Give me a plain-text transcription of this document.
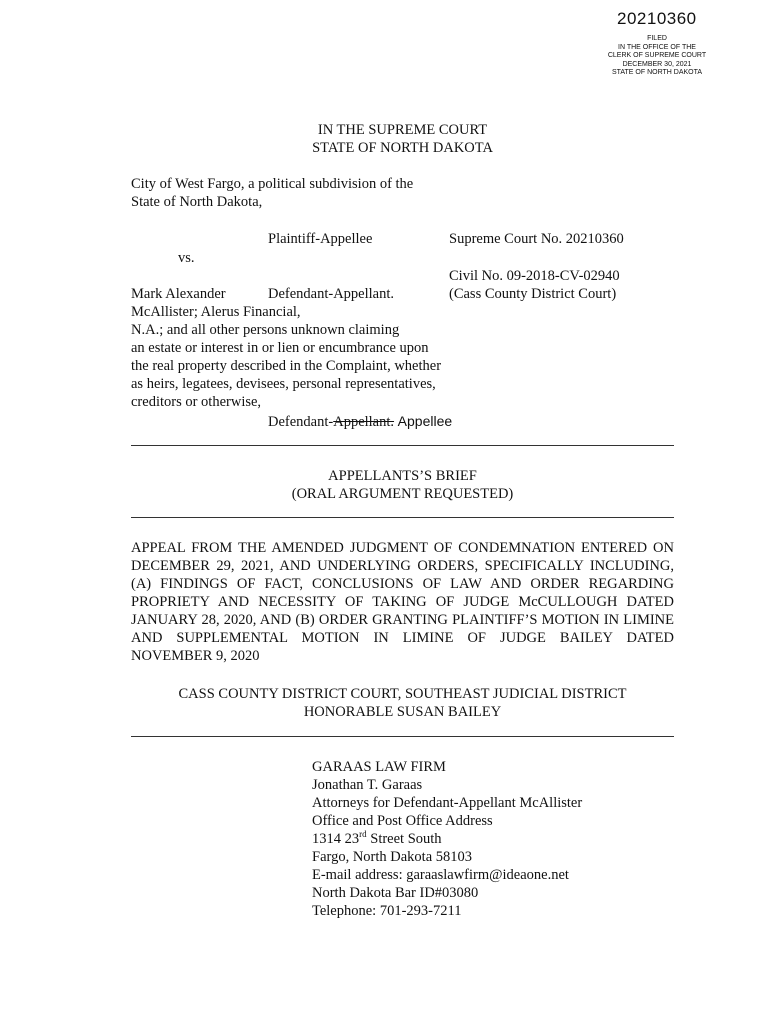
20210360
FILED
IN THE OFFICE OF THE
CLERK OF SUPREME COURT
DECEMBER 30, 2021
STATE OF NORTH DAKOTA
IN THE SUPREME COURT
STATE OF NORTH DAKOTA
City of West Fargo, a political subdivision of the
State of North Dakota,
Plaintiff-Appellee
vs.
Mark Alexander	Defendant-Appellant.
McAllister; Alerus Financial,
N.A.; and all other persons unknown claiming
an estate or interest in or lien or encumbrance upon
the real property described in the Complaint, whether
as heirs, legatees, devisees, personal representatives,
creditors or otherwise,
Defendant-Appellant. Appellee
Supreme Court No. 20210360
Civil No. 09-2018-CV-02940
(Cass County District Court)
APPELLANTS’S BRIEF
(ORAL ARGUMENT REQUESTED)
APPEAL FROM THE AMENDED JUDGMENT OF CONDEMNATION ENTERED ON DECEMBER 29, 2021, AND UNDERLYING ORDERS, SPECIFICALLY INCLUDING, (A) FINDINGS OF FACT, CONCLUSIONS OF LAW AND ORDER REGARDING PROPRIETY AND NECESSITY OF TAKING OF JUDGE McCULLOUGH DATED JANUARY 28, 2020, AND (B) ORDER GRANTING PLAINTIFF’S MOTION IN LIMINE AND SUPPLEMENTAL MOTION IN LIMINE OF JUDGE BAILEY DATED NOVEMBER 9, 2020
CASS COUNTY DISTRICT COURT, SOUTHEAST JUDICIAL DISTRICT
HONORABLE SUSAN BAILEY
GARAAS LAW FIRM
Jonathan T. Garaas
Attorneys for Defendant-Appellant McAllister
Office and Post Office Address
1314 23rd Street South
Fargo, North Dakota 58103
E-mail address: garaaslawfirm@ideaone.net
North Dakota Bar ID#03080
Telephone: 701-293-7211
